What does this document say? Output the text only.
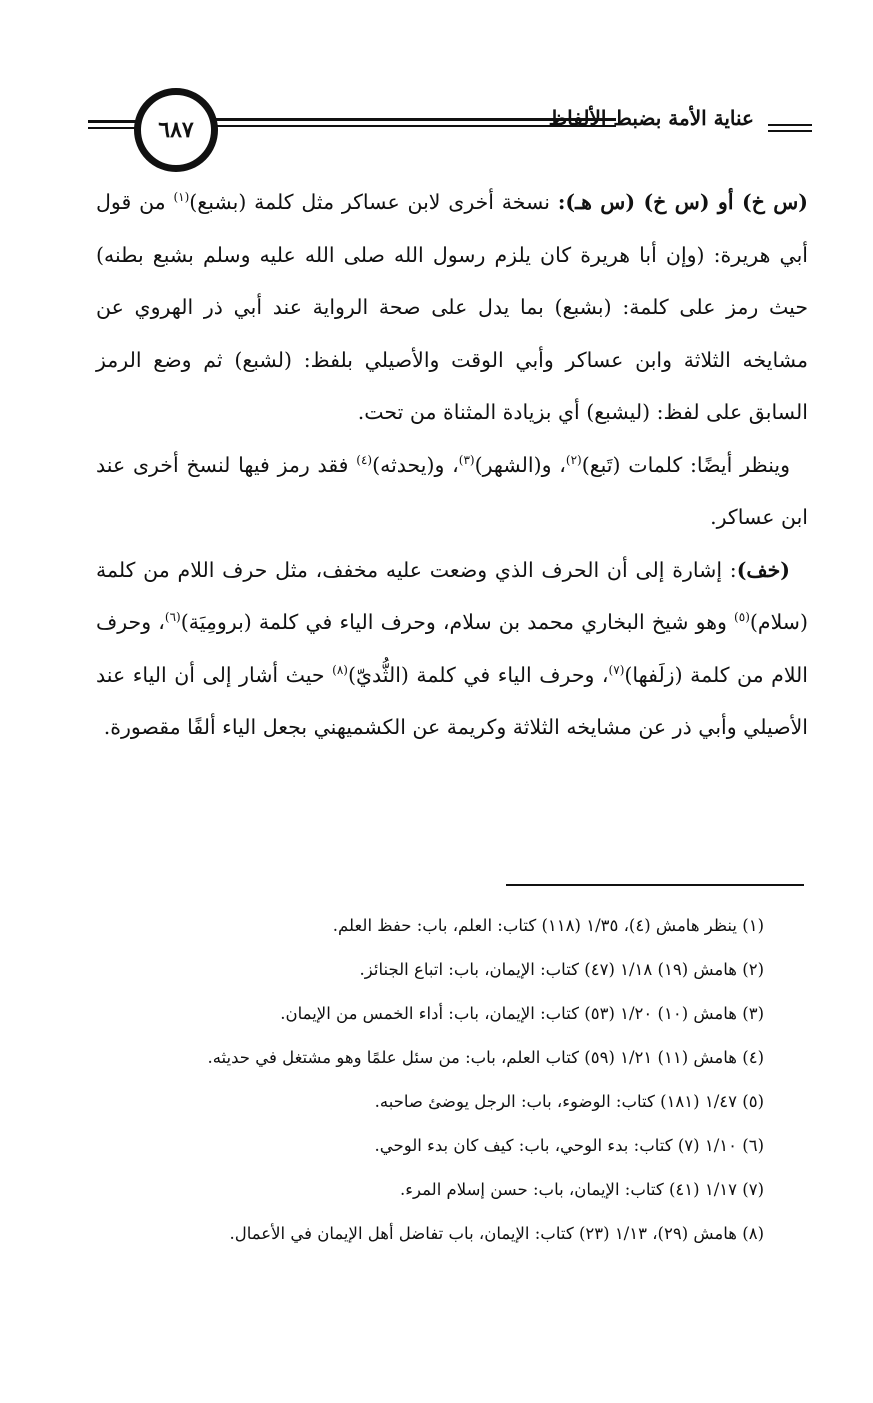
عناية الأمة بضبط الألفاظ
٦٨٧

(س خ) أو (س خ) (س هـ): نسخة أخرى لابن عساكر مثل كلمة (بشبع)$^{(١)}$ من قول أبي هريرة: (وإن أبا هريرة كان يلزم رسول الله صلى الله عليه وسلم بشبع بطنه) حيث رمز على كلمة: (بشبع) بما يدل على صحة الرواية عند أبي ذر الهروي عن مشايخه الثلاثة وابن عساكر وأبي الوقت والأصيلي بلفظ: (لشبع) ثم وضع الرمز السابق على لفظ: (ليشبع) أي بزيادة المثناة من تحت.

وينظر أيضًا: كلمات (تَبع)$^{(٢)}$، و(الشهر)$^{(٣)}$، و(يحدثه)$^{(٤)}$ فقد رمز فيها لنسخ أخرى عند ابن عساكر.

(خف): إشارة إلى أن الحرف الذي وضعت عليه مخفف، مثل حرف اللام من كلمة (سلام)$^{(٥)}$ وهو شيخ البخاري محمد بن سلام، وحرف الياء في كلمة (برومِيَة)$^{(٦)}$، وحرف اللام من كلمة (زلَفها)$^{(٧)}$، وحرف الياء في كلمة (الثُّديّ)$^{(٨)}$ حيث أشار إلى أن الياء عند الأصيلي وأبي ذر عن مشايخه الثلاثة وكريمة عن الكشميهني بجعل الياء ألفًا مقصورة.

(١) ينظر هامش (٤)، ١/٣٥ (١١٨) كتاب: العلم، باب: حفظ العلم.

(٢) هامش (١٩) ١/١٨ (٤٧) كتاب: الإيمان، باب: اتباع الجنائز.

(٣) هامش (١٠) ١/٢٠ (٥٣) كتاب: الإيمان، باب: أداء الخمس من الإيمان.

(٤) هامش (١١) ١/٢١ (٥٩) كتاب العلم، باب: من سئل علمًا وهو مشتغل في حديثه.

(٥) ١/٤٧ (١٨١) كتاب: الوضوء، باب: الرجل يوضئ صاحبه.

(٦) ١/١٠ (٧) كتاب: بدء الوحي، باب: كيف كان بدء الوحي.

(٧) ١/١٧ (٤١) كتاب: الإيمان، باب: حسن إسلام المرء.

(٨) هامش (٢٩)، ١/١٣ (٢٣) كتاب: الإيمان، باب تفاضل أهل الإيمان في الأعمال.
